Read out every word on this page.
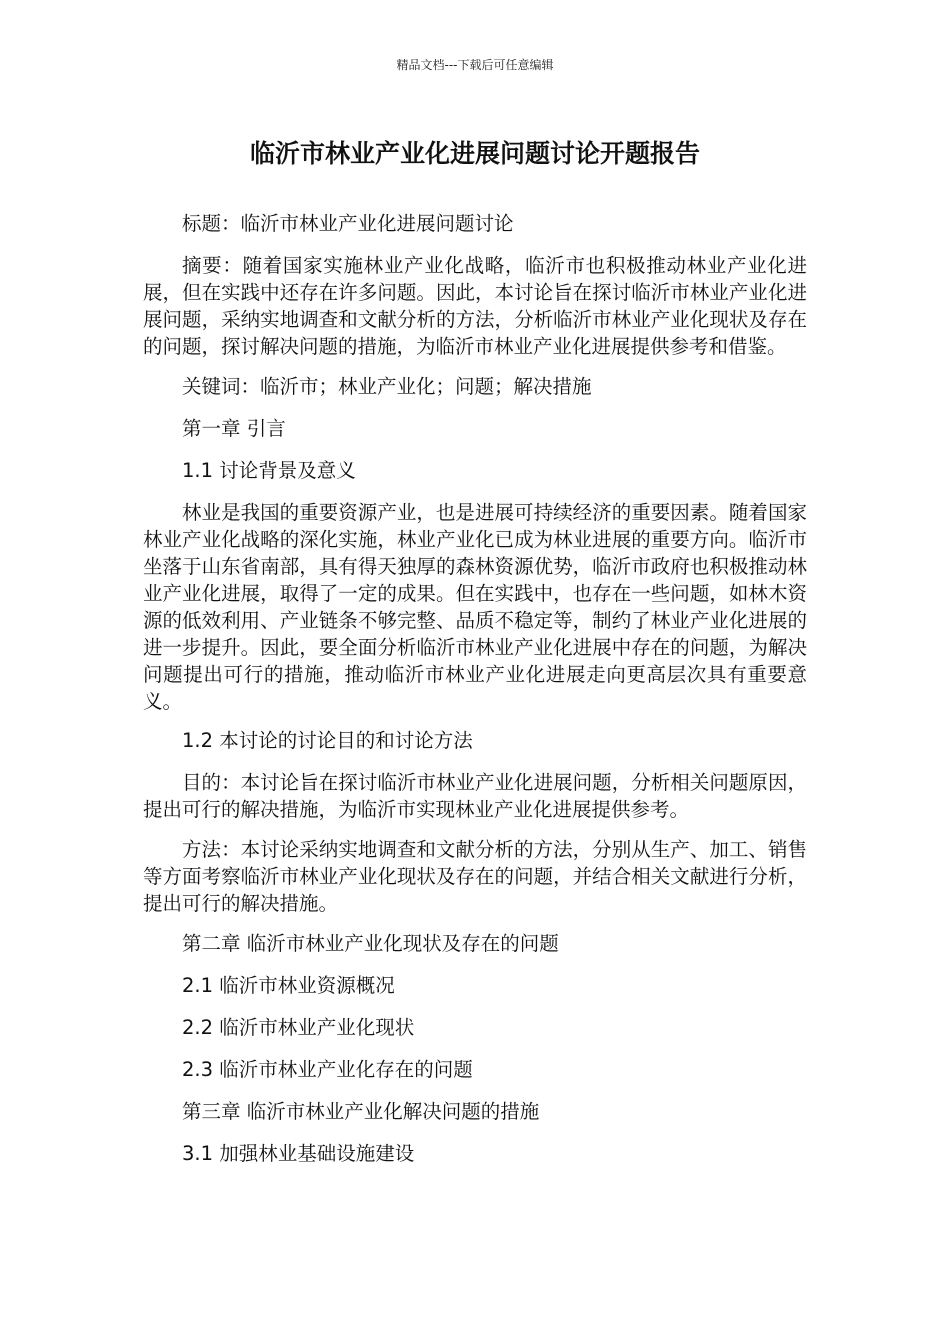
精品文档---下载后可任意编辑
临沂市林业产业化进展问题讨论开题报告

标题：临沂市林业产业化进展问题讨论

摘要：随着国家实施林业产业化战略，临沂市也积极推动林业产业化进展，但在实践中还存在许多问题。因此，本讨论旨在探讨临沂市林业产业化进展问题，采纳实地调查和文献分析的方法，分析临沂市林业产业化现状及存在的问题，探讨解决问题的措施，为临沂市林业产业化进展提供参考和借鉴。

关键词：临沂市；林业产业化；问题；解决措施

第一章 引言

1.1 讨论背景及意义

林业是我国的重要资源产业，也是进展可持续经济的重要因素。随着国家林业产业化战略的深化实施，林业产业化已成为林业进展的重要方向。临沂市坐落于山东省南部，具有得天独厚的森林资源优势，临沂市政府也积极推动林业产业化进展，取得了一定的成果。但在实践中，也存在一些问题，如林木资源的低效利用、产业链条不够完整、品质不稳定等，制约了林业产业化进展的进一步提升。因此，要全面分析临沂市林业产业化进展中存在的问题，为解决问题提出可行的措施，推动临沂市林业产业化进展走向更高层次具有重要意义。

1.2 本讨论的讨论目的和讨论方法

目的：本讨论旨在探讨临沂市林业产业化进展问题，分析相关问题原因，提出可行的解决措施，为临沂市实现林业产业化进展提供参考。

方法：本讨论采纳实地调查和文献分析的方法，分别从生产、加工、销售等方面考察临沂市林业产业化现状及存在的问题，并结合相关文献进行分析，提出可行的解决措施。

第二章 临沂市林业产业化现状及存在的问题

2.1 临沂市林业资源概况

2.2 临沂市林业产业化现状

2.3 临沂市林业产业化存在的问题

第三章 临沂市林业产业化解决问题的措施

3.1 加强林业基础设施建设
